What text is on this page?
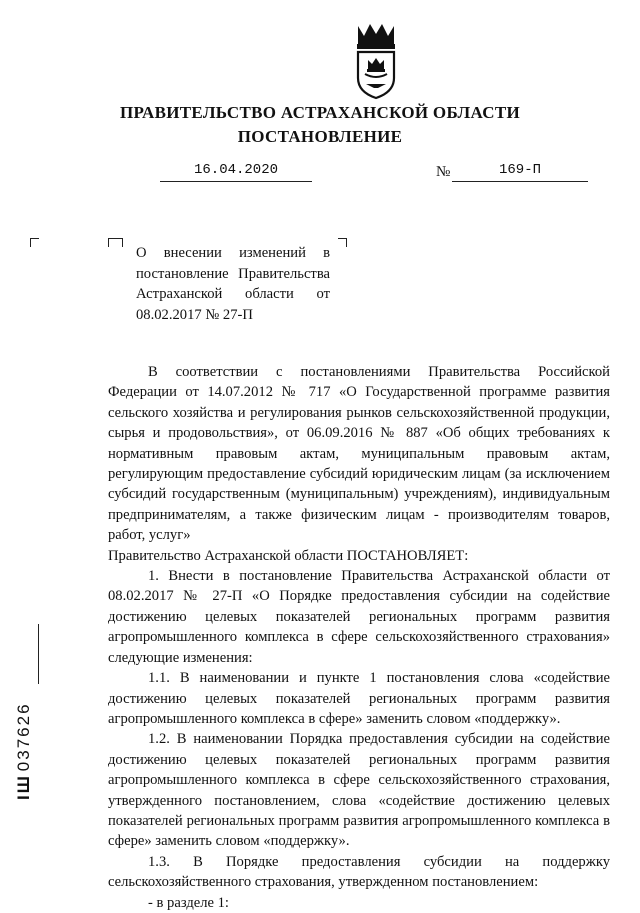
ПРАВИТЕЛЬСТВО АСТРАХАНСКОЙ ОБЛАСТИ
ПОСТАНОВЛЕНИЕ
16.04.2020	№	169-П
О внесении изменений в постановление Правительства Астраханской области от 08.02.2017 № 27-П

В соответствии с постановлениями Правительства Российской Федерации от 14.07.2012 № 717 «О Государственной программе развития сельского хозяйства и регулирования рынков сельскохозяйственной продукции, сырья и продовольствия», от 06.09.2016 № 887 «Об общих требованиях к нормативным правовым актам, муниципальным правовым актам, регулирующим предоставление субсидий юридическим лицам (за исключением субсидий государственным (муниципальным) учреждениям), индивидуальным предпринимателям, а также физическим лицам - производителям товаров, работ, услуг»

Правительство Астраханской области ПОСТАНОВЛЯЕТ:

1. Внести в постановление Правительства Астраханской области от 08.02.2017 № 27-П «О Порядке предоставления субсидии на содействие достижению целевых показателей региональных программ развития агропромышленного комплекса в сфере сельскохозяйственного страхования» следующие изменения:

1.1. В наименовании и пункте 1 постановления слова «содействие достижению целевых показателей региональных программ развития агропромышленного комплекса в сфере» заменить словом «поддержку».

1.2. В наименовании Порядка предоставления субсидии на содействие достижению целевых показателей региональных программ развития агропромышленного комплекса в сфере сельскохозяйственного страхования, утвержденного постановлением, слова «содействие достижению целевых показателей региональных программ развития агропромышленного комплекса в сфере» заменить словом «поддержку».

1.3. В Порядке предоставления субсидии на поддержку сельскохозяйственного страхования, утвержденном постановлением:

- в разделе 1:

ІШ037626
